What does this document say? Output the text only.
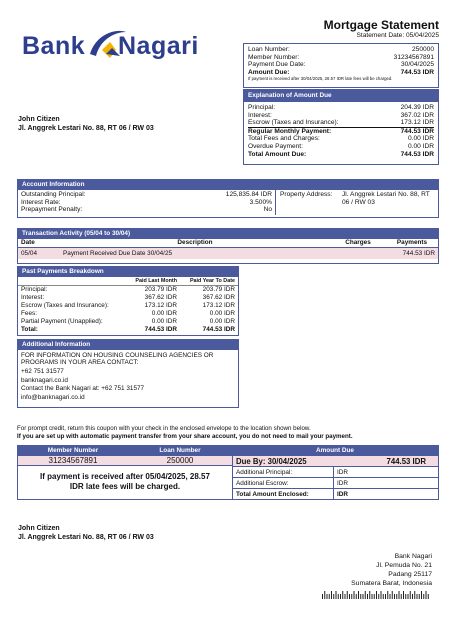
Bank Nagari
Mortgage Statement
Statement Date: 05/04/2025
Loan Number:	250000
Member Number:	31234567891
Payment Due Date:	30/04/2025
Amount Due:	744.53 IDR
If payment is received after 30/04/2025, 28.57 IDR late fees will be charged.
John Citizen
Jl. Anggrek Lestari No. 88, RT 06 / RW 03
Explanation of Amount Due
Principal:	204.39 IDR
Interest:	367.02 IDR
Escrow (Taxes and Insurance):	173.12 IDR
Regular Monthly Payment:	744.53 IDR
Total Fees and Charges:	0.00 IDR
Overdue Payment:	0.00 IDR
Total Amount Due:	744.53 IDR
Account Information
Outstanding Principal:	125,835.84 IDR
Interest Rate:	3.500%
Prepayment Penalty:	No
Property Address:	Jl. Anggrek Lestari No. 88, RT 06 / RW 03
Transaction Activity (05/04 to 30/04)
Date	Description	Charges	Payments
05/04	Payment Received Due Date 30/04/25		744.53 IDR
Past Payments Breakdown
	Paid Last Month	Paid Year To Date
Principal:	203.79 IDR	203.79 IDR
Interest:	367.62 IDR	367.62 IDR
Escrow (Taxes and Insurance):	173.12 IDR	173.12 IDR
Fees:	0.00 IDR	0.00 IDR
Partial Payment (Unapplied):	0.00 IDR	0.00 IDR
Total:	744.53 IDR	744.53 IDR
Additional Information
FOR INFORMATION ON HOUSING COUNSELING AGENCIES OR PROGRAMS IN YOUR AREA CONTACT:
+62 751 31577
banknagari.co.id
Contact the Bank Nagari at: +62 751 31577
info@banknagari.co.id
For prompt credit, return this coupon with your check in the enclosed envelope to the location shown below.
If you are set up with automatic payment transfer from your share account, you do not need to mail your payment.
Member Number	Loan Number	Amount Due
31234567891	250000
If payment is received after 05/04/2025, 28.57 IDR late fees will be charged.
Due By: 30/04/2025	744.53 IDR
Additional Principal:	IDR
Additional Escrow:	IDR
Total Amount Enclosed:	IDR
John Citizen
Jl. Anggrek Lestari No. 88, RT 06 / RW 03
Bank Nagari
Jl. Pemuda No. 21
Padang 25117
Sumatera Barat, Indonesia
